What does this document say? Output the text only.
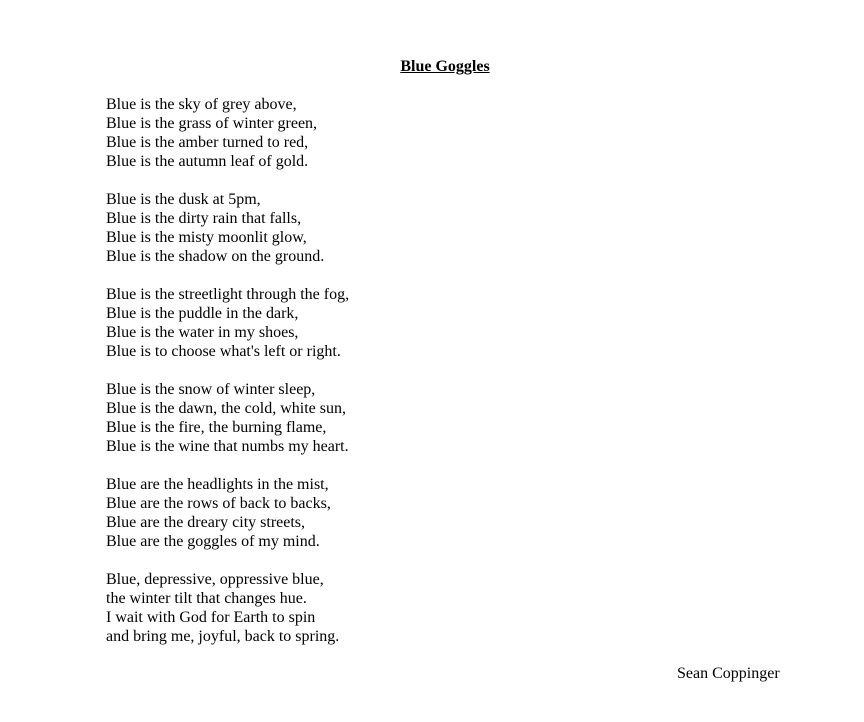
Blue Goggles
Blue is the sky of grey above,
Blue is the grass of winter green,
Blue is the amber turned to red,
Blue is the autumn leaf of gold.
Blue is the dusk at 5pm,
Blue is the dirty rain that falls,
Blue is the misty moonlit glow,
Blue is the shadow on the ground.
Blue is the streetlight through the fog,
Blue is the puddle in the dark,
Blue is the water in my shoes,
Blue is to choose what's left or right.
Blue is the snow of winter sleep,
Blue is the dawn, the cold, white sun,
Blue is the fire, the burning flame,
Blue is the wine that numbs my heart.
Blue are the headlights in the mist,
Blue are the rows of back to backs,
Blue are the dreary city streets,
Blue are the goggles of my mind.
Blue, depressive, oppressive blue,
the winter tilt that changes hue.
I wait with God for Earth to spin
and bring me, joyful, back to spring.
Sean Coppinger
